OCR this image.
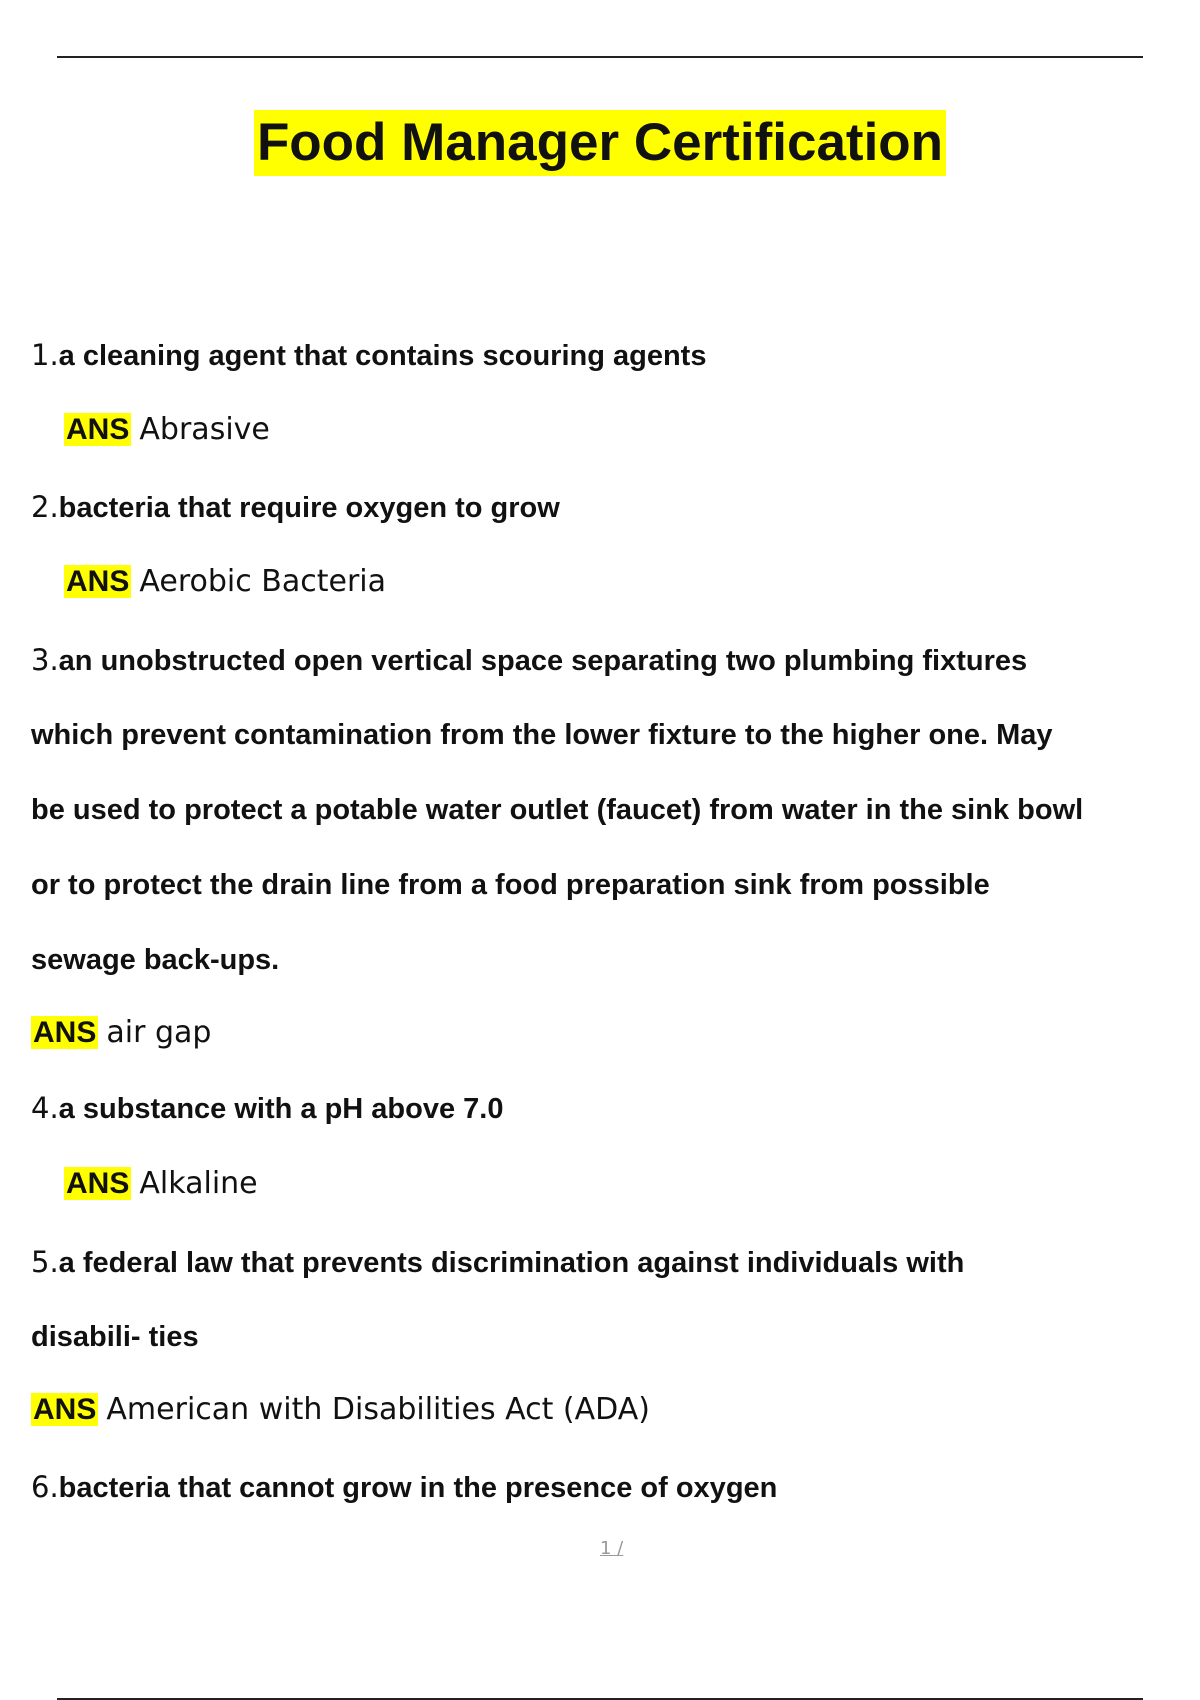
Food Manager Certification
1.a cleaning agent that contains scouring agents
ANS Abrasive
2.bacteria that require oxygen to grow
ANS Aerobic Bacteria
3.an unobstructed open vertical space separating two plumbing fixtures
which prevent contamination from the lower fixture to the higher one. May
be used to protect a potable water outlet (faucet) from water in the sink bowl
or to protect the drain line from a food preparation sink from possible
sewage back-ups.
ANS air gap
4.a substance with a pH above 7.0
ANS Alkaline
5.a federal law that prevents discrimination against individuals with
disabili- ties
ANS American with Disabilities Act (ADA)
6.bacteria that cannot grow in the presence of oxygen
1 /
